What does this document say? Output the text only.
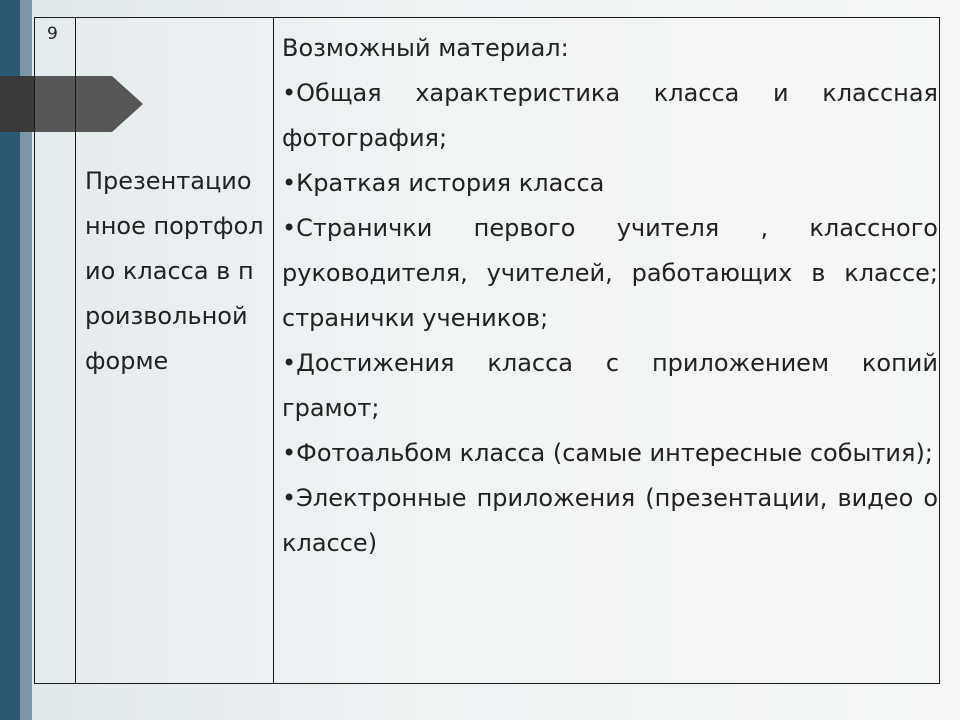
9
Презентационное портфолио класса в произвольной форме

Возможный материал:

•Общая характеристика класса и классная фотография;

•Краткая история класса

•Странички первого учителя , классного руководителя, учителей, работающих в классе; странички учеников;

•Достижения класса с приложением копий грамот;

•Фотоальбом класса (самые интересные события);

•Электронные приложения (презентации, видео о классе)
